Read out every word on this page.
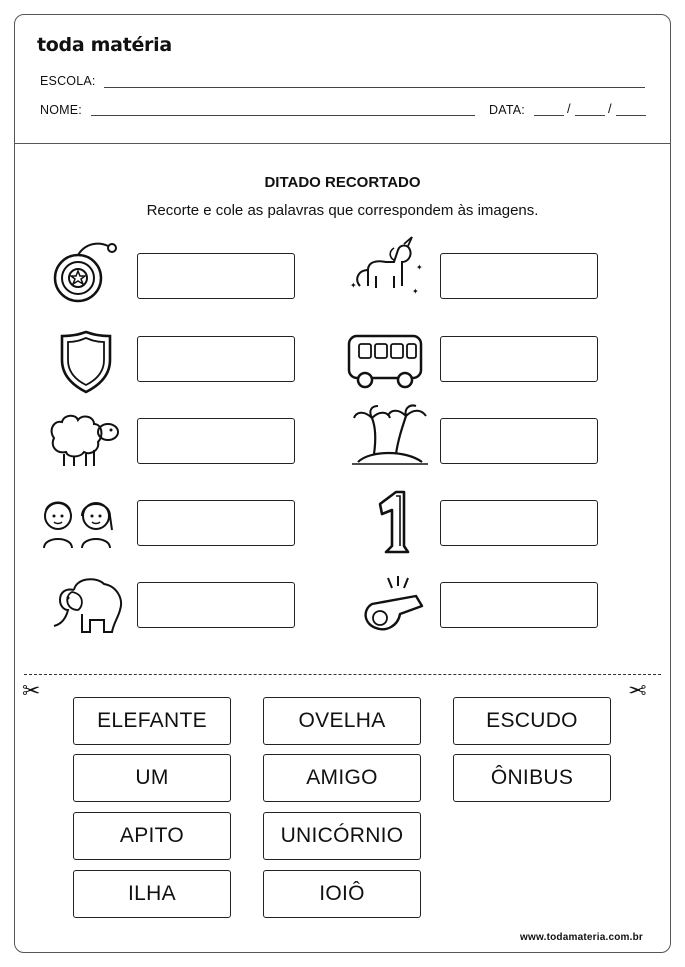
toda matéria
ESCOLA:
NOME:	DATA:	/	/
DITADO RECORTADO
Recorte e cole as palavras que correspondem às imagens.
✦
✦
✦
✂	✂
ELEFANTE	OVELHA	ESCUDO
UM	AMIGO	ÔNIBUS
APITO	UNICÓRNIO
ILHA	IOIÔ
www.todamateria.com.br
